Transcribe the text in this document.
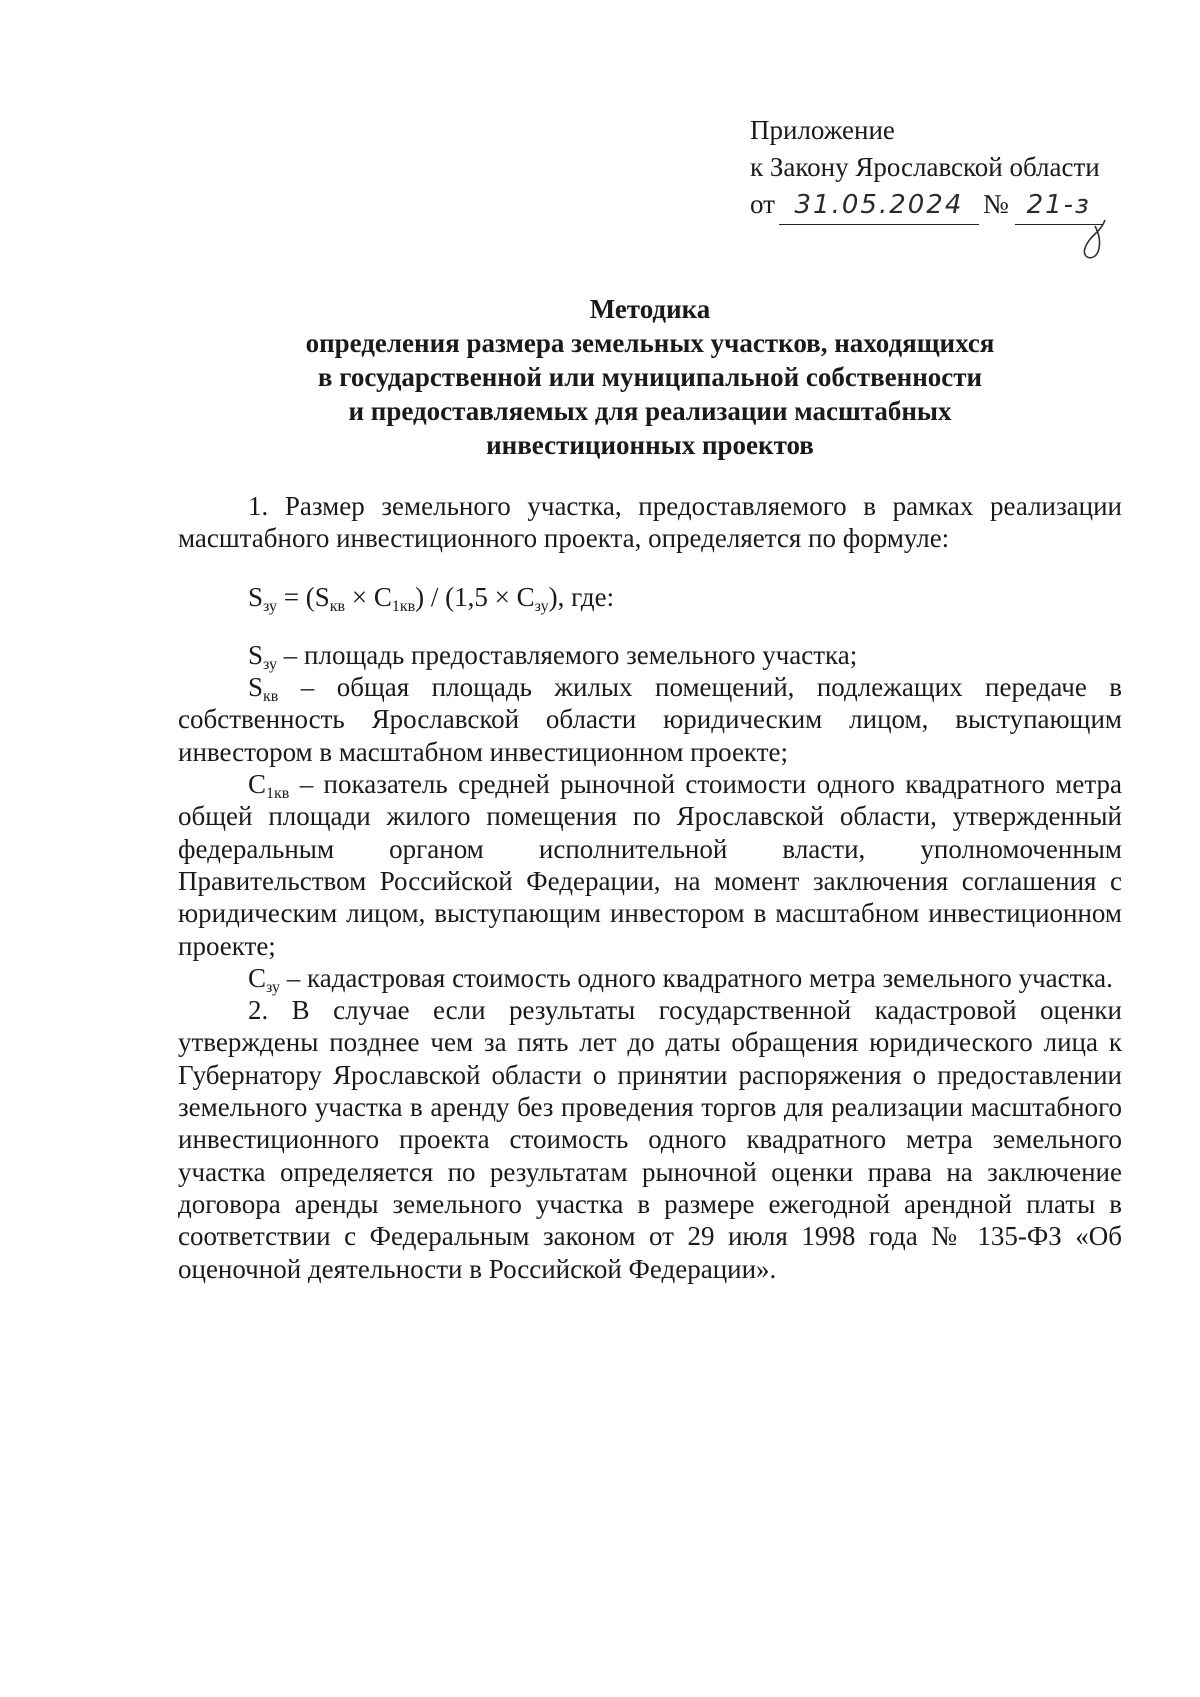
Приложение
к Закону Ярославской области
от 31.05.2024 № 21-з
Методика
определения размера земельных участков, находящихся
в государственной или муниципальной собственности
и предоставляемых для реализации масштабных
инвестиционных проектов

1. Размер земельного участка, предоставляемого в рамках реализации масштабного инвестиционного проекта, определяется по формуле:

$S_{зу} = (S_{кв} \times C_{1кв}) / (1,5 \times C_{зу})$, где:

$S_{зу}$ – площадь предоставляемого земельного участка;

$S_{кв}$ – общая площадь жилых помещений, подлежащих передаче в собственность Ярославской области юридическим лицом, выступающим инвестором в масштабном инвестиционном проекте;

$C_{1кв}$ – показатель средней рыночной стоимости одного квадратного метра общей площади жилого помещения по Ярославской области, утвержденный федеральным органом исполнительной власти, уполномоченным Правительством Российской Федерации, на момент заключения соглашения с юридическим лицом, выступающим инвестором в масштабном инвестиционном проекте;

$C_{зу}$ – кадастровая стоимость одного квадратного метра земельного участка.

2. В случае если результаты государственной кадастровой оценки утверждены позднее чем за пять лет до даты обращения юридического лица к Губернатору Ярославской области о принятии распоряжения о предоставлении земельного участка в аренду без проведения торгов для реализации масштабного инвестиционного проекта стоимость одного квадратного метра земельного участка определяется по результатам рыночной оценки права на заключение договора аренды земельного участка в размере ежегодной арендной платы в соответствии с Федеральным законом от 29 июля 1998 года № 135-ФЗ «Об оценочной деятельности в Российской Федерации».
